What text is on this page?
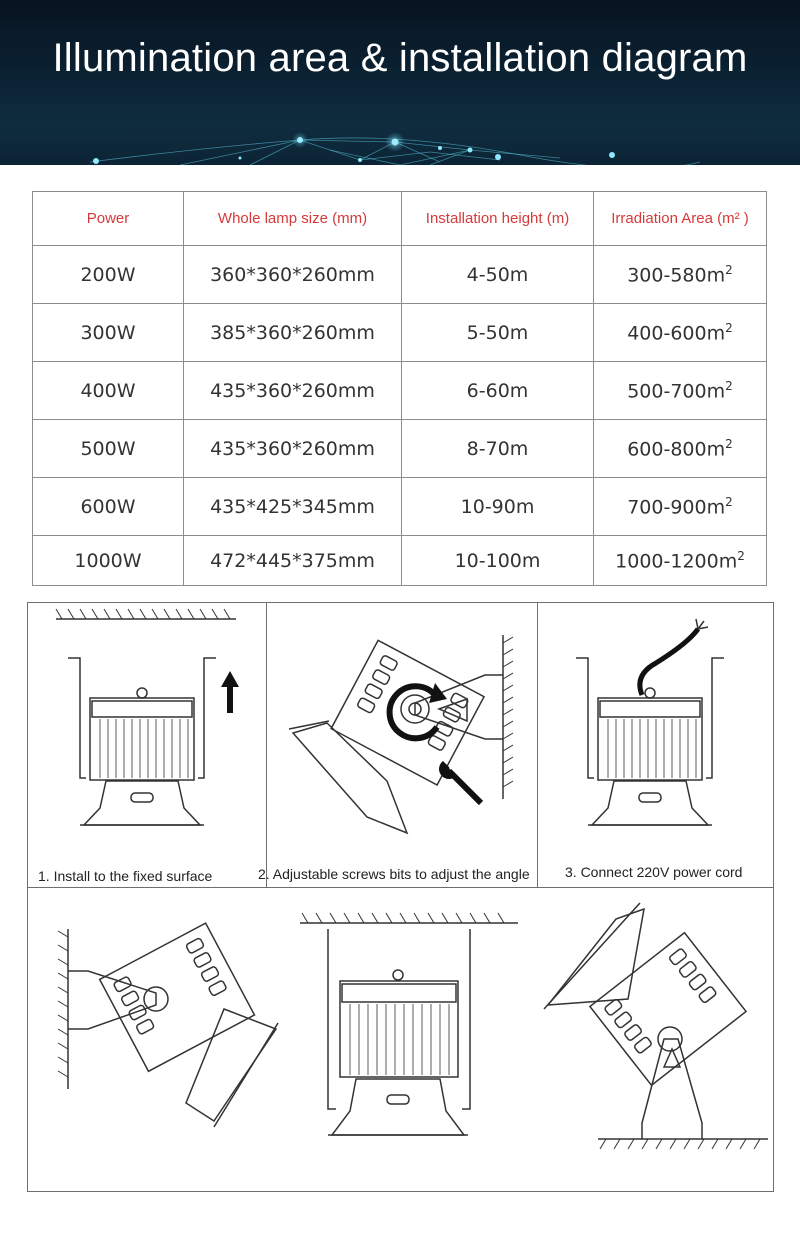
Illumination area & installation diagram
Power	Whole lamp size (mm)	Installation height (m)	Irradiation Area (m² )
200W	360*360*260mm	4-50m	$300-580m^2$
300W	385*360*260mm	5-50m	$400-600m^2$
400W	435*360*260mm	6-60m	$500-700m^2$
500W	435*360*260mm	8-70m	$600-800m^2$
600W	435*425*345mm	10-90m	$700-900m^2$
1000W	472*445*375mm	10-100m	$1000-1200m^2$
1. Install to the fixed surface	2. Adjustable screws bits to adjust the angle	3. Connect 220V power cord
